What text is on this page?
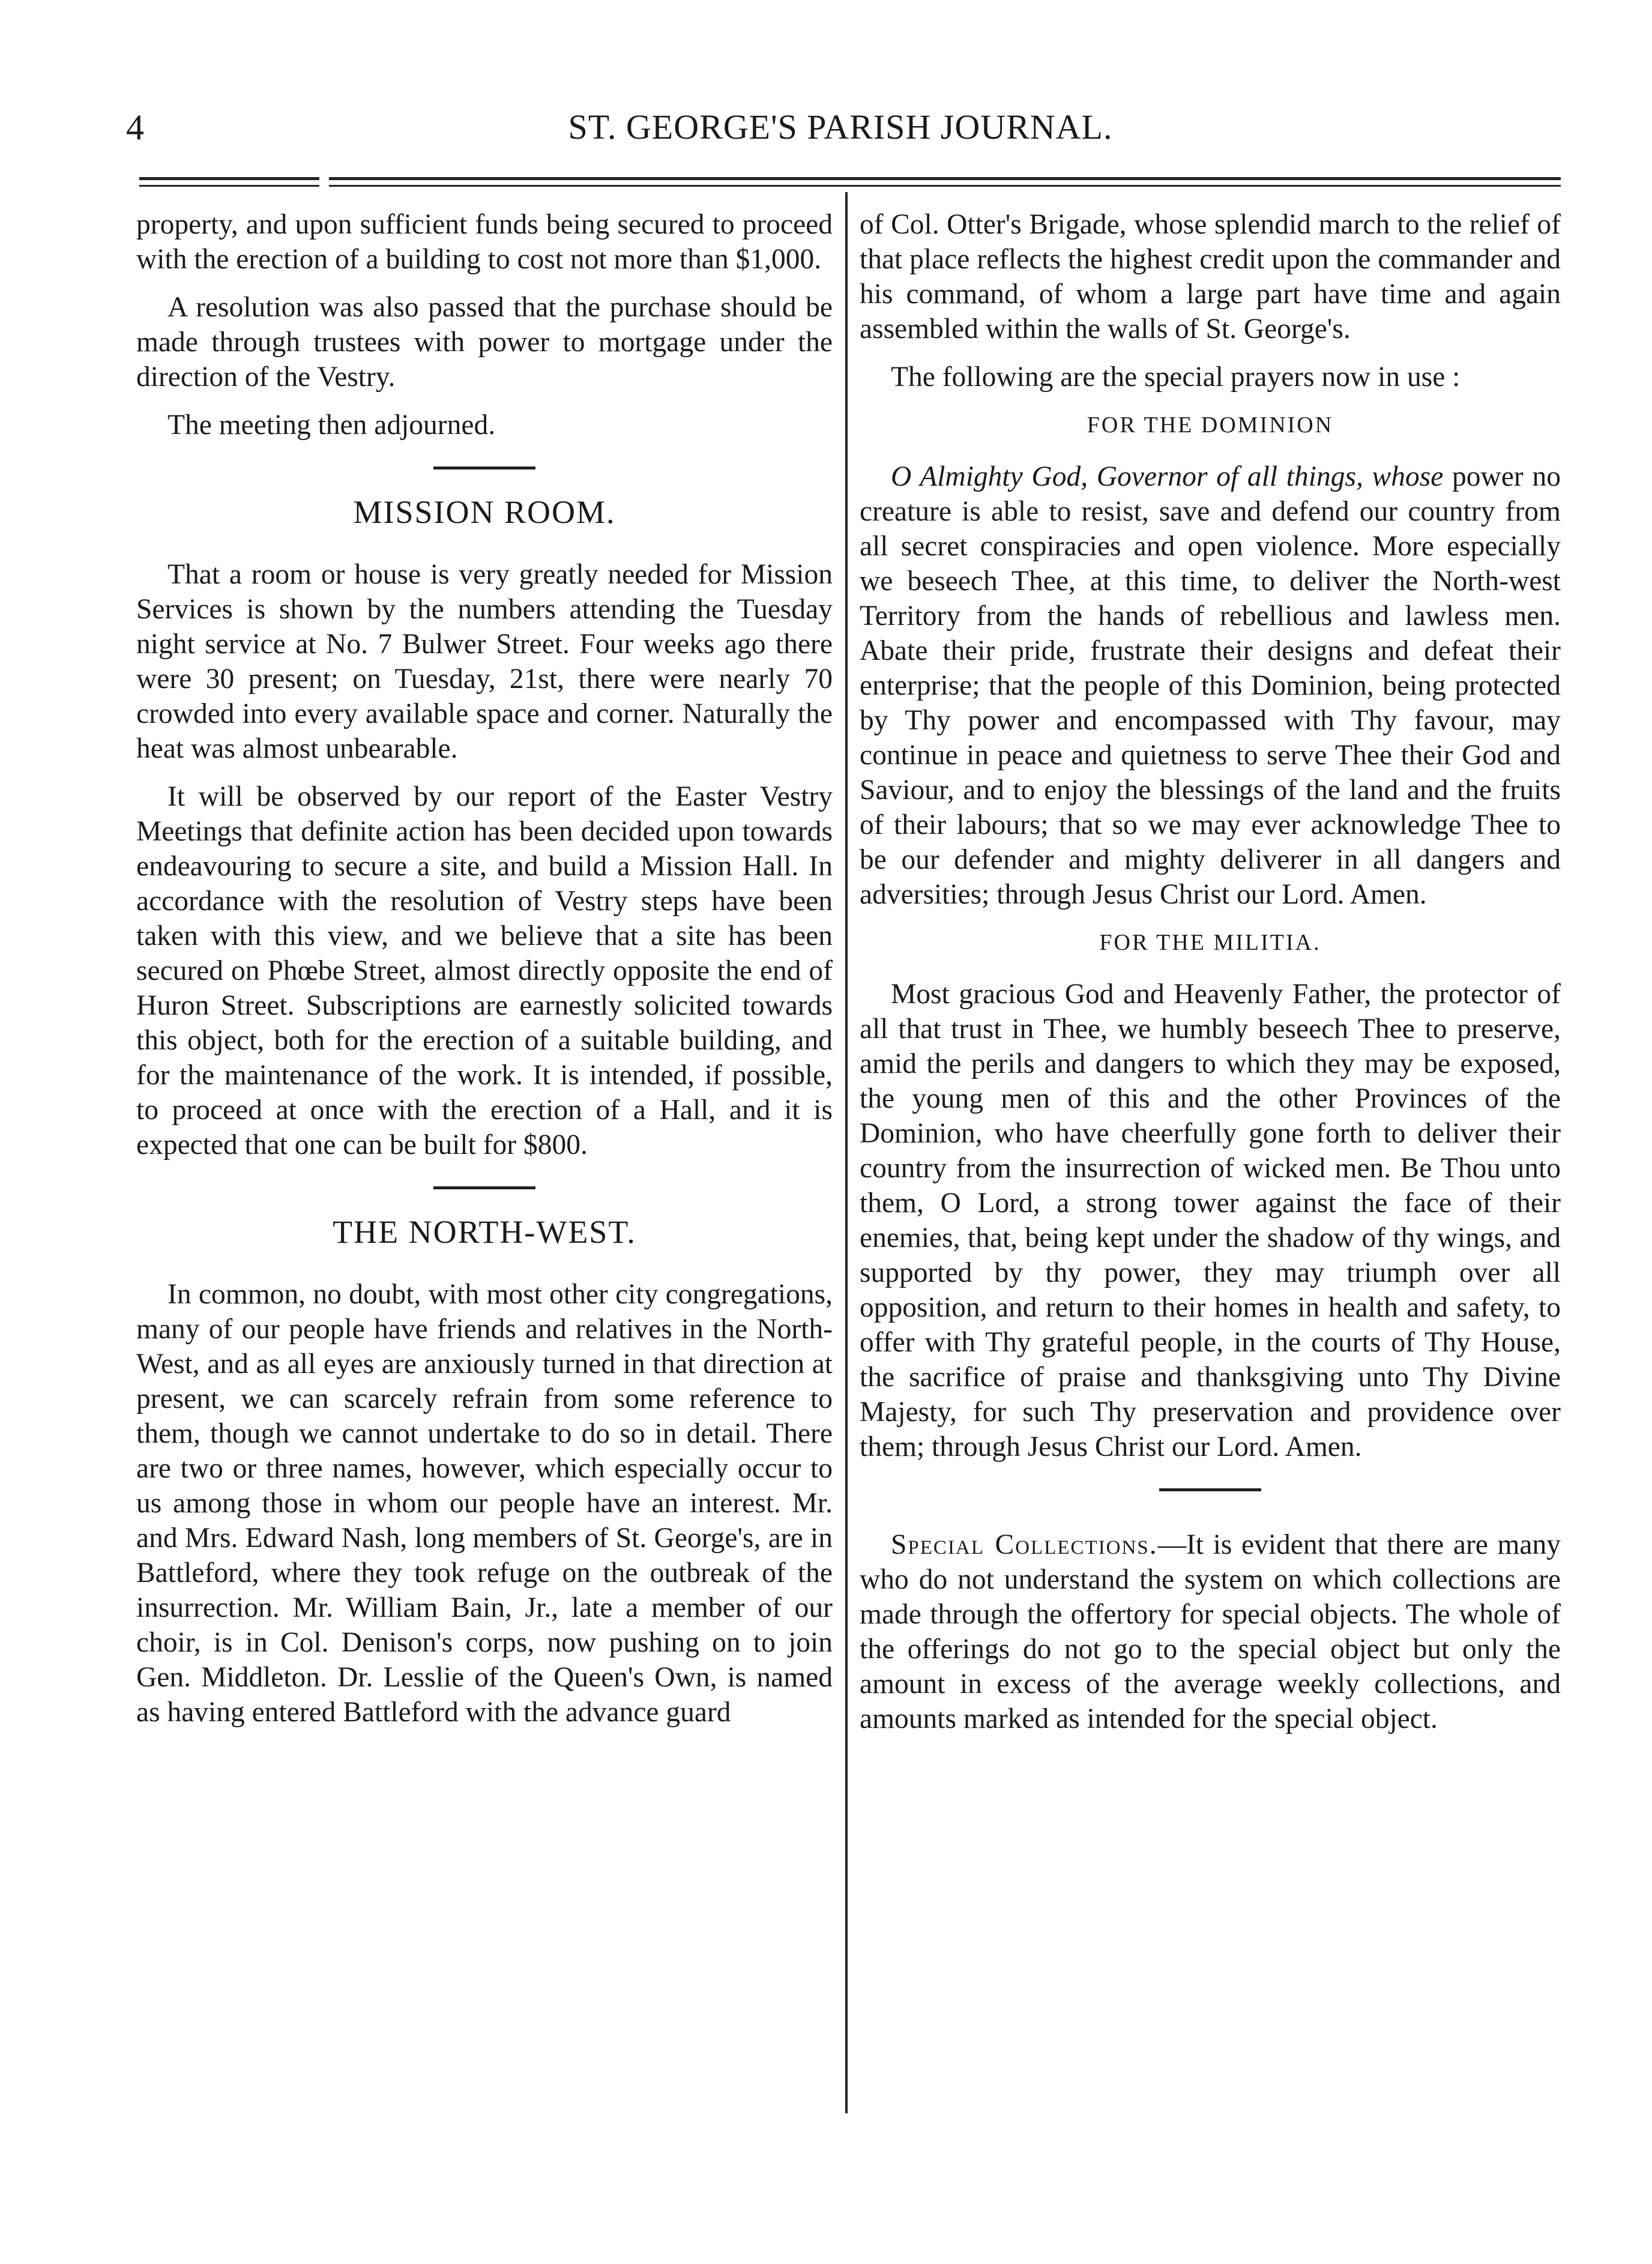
4	ST. GEORGE'S PARISH JOURNAL.

property, and upon sufficient funds being secured to proceed with the erection of a building to cost not more than $1,000.

A resolution was also passed that the purchase should be made through trustees with power to mortgage under the direction of the Vestry.

The meeting then adjourned.

MISSION ROOM.

That a room or house is very greatly needed for Mission Services is shown by the numbers attending the Tuesday night service at No. 7 Bulwer Street. Four weeks ago there were 30 present; on Tuesday, 21st, there were nearly 70 crowded into every available space and corner. Naturally the heat was almost unbearable.

It will be observed by our report of the Easter Vestry Meetings that definite action has been decided upon towards endeavouring to secure a site, and build a Mission Hall. In accordance with the resolution of Vestry steps have been taken with this view, and we believe that a site has been secured on Phœbe Street, almost directly opposite the end of Huron Street. Subscriptions are earnestly solicited towards this object, both for the erection of a suitable building, and for the maintenance of the work. It is intended, if possible, to proceed at once with the erection of a Hall, and it is expected that one can be built for $800.

THE NORTH-WEST.

In common, no doubt, with most other city congregations, many of our people have friends and relatives in the North-West, and as all eyes are anxiously turned in that direction at present, we can scarcely refrain from some reference to them, though we cannot undertake to do so in detail. There are two or three names, however, which especially occur to us among those in whom our people have an interest. Mr. and Mrs. Edward Nash, long members of St. George's, are in Battleford, where they took refuge on the outbreak of the insurrection. Mr. William Bain, Jr., late a member of our choir, is in Col. Denison's corps, now pushing on to join Gen. Middleton. Dr. Lesslie of the Queen's Own, is named as having entered Battleford with the advance guard

of Col. Otter's Brigade, whose splendid march to the relief of that place reflects the highest credit upon the commander and his command, of whom a large part have time and again assembled within the walls of St. George's.

The following are the special prayers now in use :

FOR THE DOMINION

O Almighty God, Governor of all things, whose power no creature is able to resist, save and defend our country from all secret conspiracies and open violence. More especially we beseech Thee, at this time, to deliver the North-west Territory from the hands of rebellious and lawless men. Abate their pride, frustrate their designs and defeat their enterprise; that the people of this Dominion, being protected by Thy power and encompassed with Thy favour, may continue in peace and quietness to serve Thee their God and Saviour, and to enjoy the blessings of the land and the fruits of their labours; that so we may ever acknowledge Thee to be our defender and mighty deliverer in all dangers and adversities; through Jesus Christ our Lord. Amen.

FOR THE MILITIA.

Most gracious God and Heavenly Father, the protector of all that trust in Thee, we humbly beseech Thee to preserve, amid the perils and dangers to which they may be exposed, the young men of this and the other Provinces of the Dominion, who have cheerfully gone forth to deliver their country from the insurrection of wicked men. Be Thou unto them, O Lord, a strong tower against the face of their enemies, that, being kept under the shadow of thy wings, and supported by thy power, they may triumph over all opposition, and return to their homes in health and safety, to offer with Thy grateful people, in the courts of Thy House, the sacrifice of praise and thanksgiving unto Thy Divine Majesty, for such Thy preservation and providence over them; through Jesus Christ our Lord. Amen.

Special Collections.—It is evident that there are many who do not understand the system on which collections are made through the offertory for special objects. The whole of the offerings do not go to the special object but only the amount in excess of the average weekly collections, and amounts marked as intended for the special object.
